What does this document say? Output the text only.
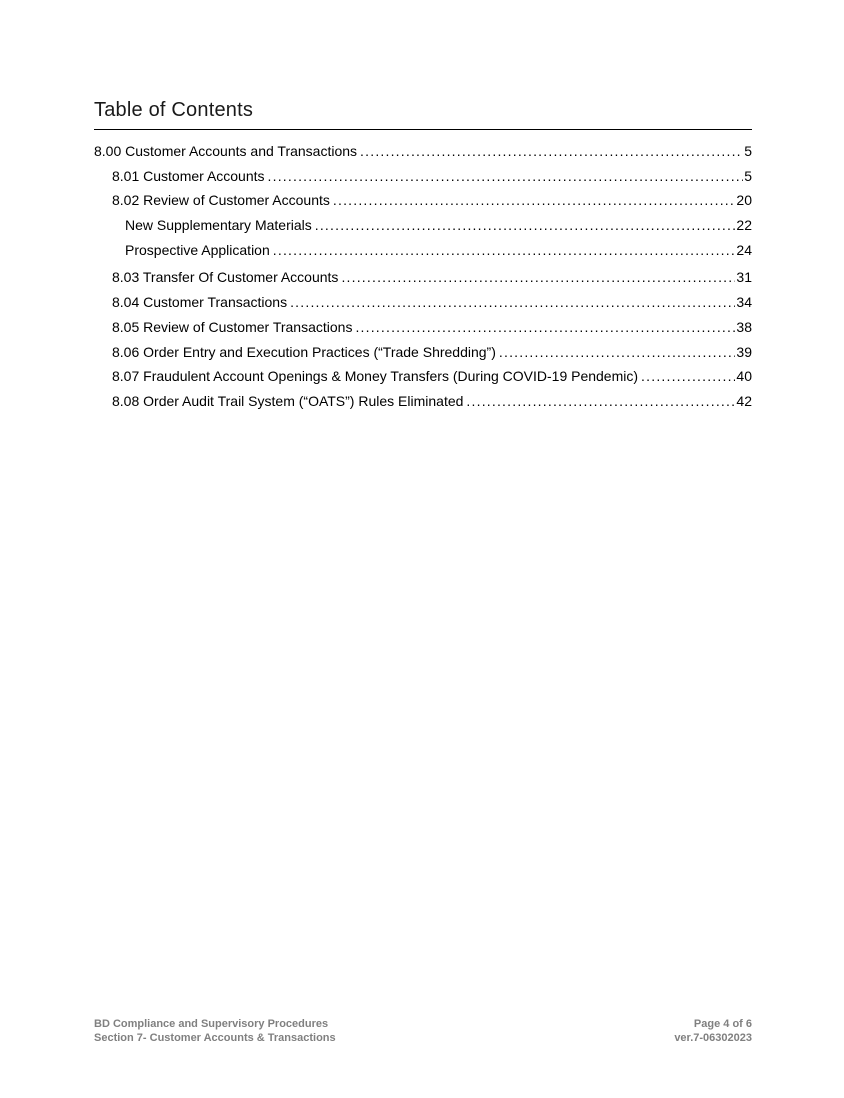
Table of Contents
8.00 Customer Accounts and Transactions .....	5
8.01 Customer Accounts .....	5
8.02 Review of Customer Accounts .....	20
New Supplementary Materials .....	22
Prospective Application .....	24
8.03 Transfer Of Customer Accounts .....	31
8.04 Customer Transactions .....	34
8.05 Review of Customer Transactions .....	38
8.06 Order Entry and Execution Practices (“Trade Shredding”) .....	39
8.07 Fraudulent Account Openings & Money Transfers (During COVID-19 Pendemic) .....	40
8.08 Order Audit Trail System (“OATS”) Rules Eliminated .....	42
BD Compliance and Supervisory Procedures
Section 7- Customer Accounts & Transactions
Page 4 of 6
ver.7-06302023
